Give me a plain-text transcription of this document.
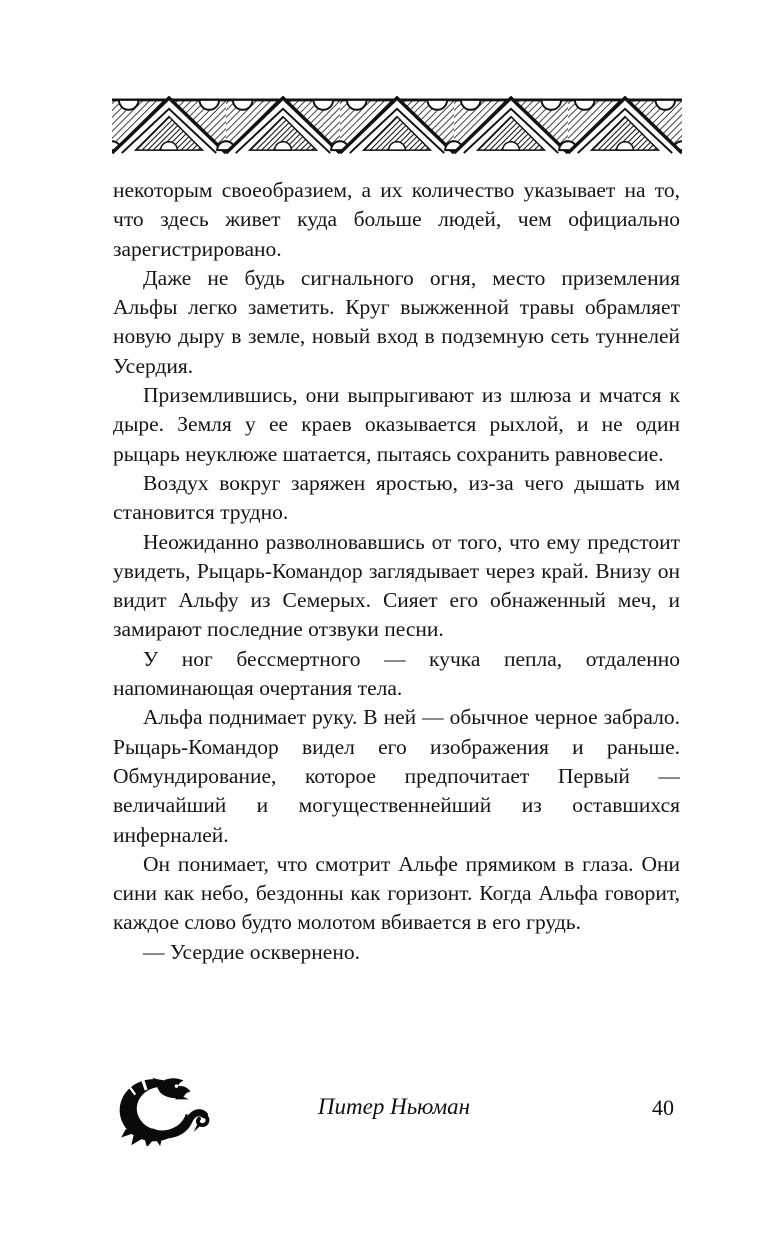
некоторым своеобразием, а их количество указывает на то, что здесь живет куда больше людей, чем официально зарегистрировано.

Даже не будь сигнального огня, место приземления Альфы легко заметить. Круг выжженной травы обрамляет новую дыру в земле, новый вход в подземную сеть туннелей Усердия.

Приземлившись, они выпрыгивают из шлюза и мчатся к дыре. Земля у ее краев оказывается рыхлой, и не один рыцарь неуклюже шатается, пытаясь сохранить равновесие.

Воздух вокруг заряжен яростью, из-за чего дышать им становится трудно.

Неожиданно разволновавшись от того, что ему предстоит увидеть, Рыцарь-Командор заглядывает через край. Внизу он видит Альфу из Семерых. Сияет его обнаженный меч, и замирают последние отзвуки песни.

У ног бессмертного — кучка пепла, отдаленно напоминающая очертания тела.

Альфа поднимает руку. В ней — обычное черное забрало. Рыцарь-Командор видел его изображения и раньше. Обмундирование, которое предпочитает Первый — величайший и могущественнейший из оставшихся инферналей.

Он понимает, что смотрит Альфе прямиком в глаза. Они сини как небо, бездонны как горизонт. Когда Альфа говорит, каждое слово будто молотом вбивается в его грудь.

— Усердие осквернено.

Питер Ньюман	40
